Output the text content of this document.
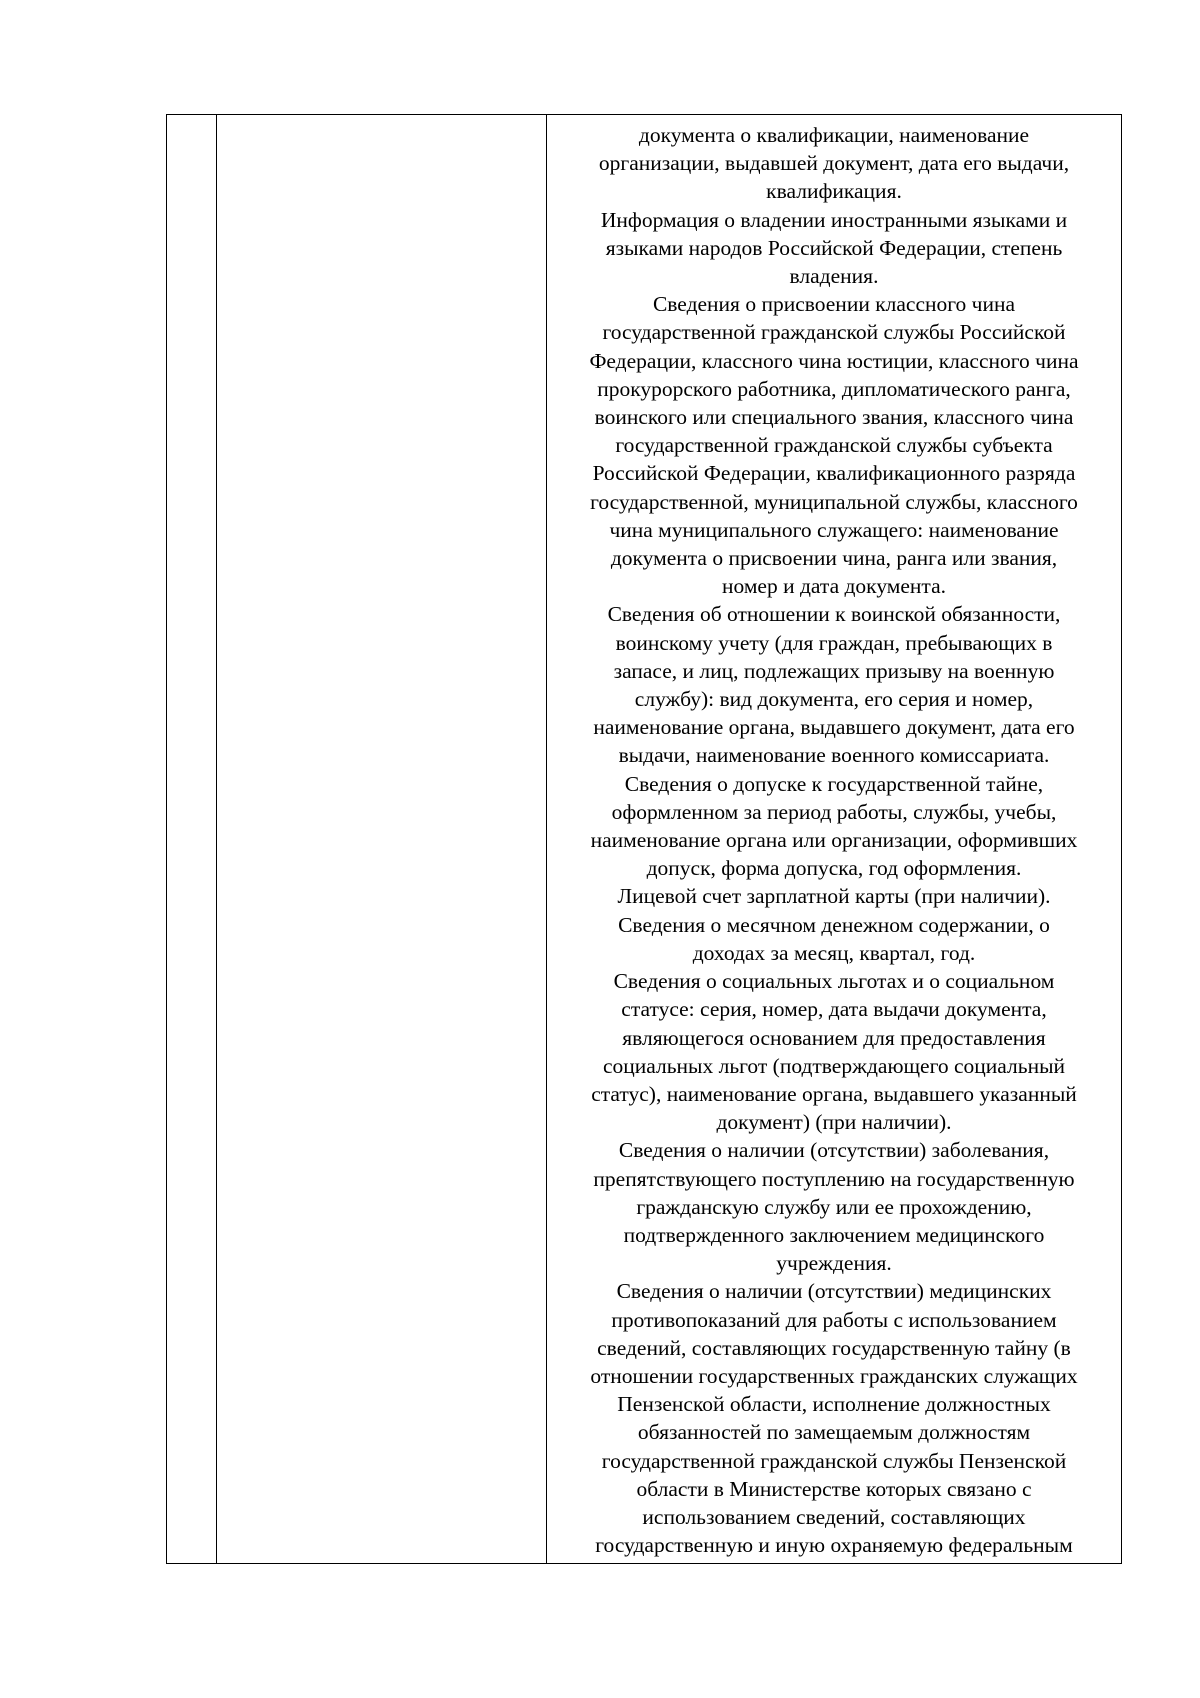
документа о квалификации, наименование
организации, выдавшей документ, дата его выдачи,
квалификация.

Информация о владении иностранными языками и
языками народов Российской Федерации, степень
владения.

Сведения о присвоении классного чина
государственной гражданской службы Российской
Федерации, классного чина юстиции, классного чина
прокурорского работника, дипломатического ранга,
воинского или специального звания, классного чина
государственной гражданской службы субъекта
Российской Федерации, квалификационного разряда
государственной, муниципальной службы, классного
чина муниципального служащего: наименование
документа о присвоении чина, ранга или звания,
номер и дата документа.

Сведения об отношении к воинской обязанности,
воинскому учету (для граждан, пребывающих в
запасе, и лиц, подлежащих призыву на военную
службу): вид документа, его серия и номер,
наименование органа, выдавшего документ, дата его
выдачи, наименование военного комиссариата.

Сведения о допуске к государственной тайне,
оформленном за период работы, службы, учебы,
наименование органа или организации, оформивших
допуск, форма допуска, год оформления.

Лицевой счет зарплатной карты (при наличии).

Сведения о месячном денежном содержании, о
доходах за месяц, квартал, год.

Сведения о социальных льготах и о социальном
статусе: серия, номер, дата выдачи документа,
являющегося основанием для предоставления
социальных льгот (подтверждающего социальный
статус), наименование органа, выдавшего указанный
документ) (при наличии).

Сведения о наличии (отсутствии) заболевания,
препятствующего поступлению на государственную
гражданскую службу или ее прохождению,
подтвержденного заключением медицинского
учреждения.

Сведения о наличии (отсутствии) медицинских
противопоказаний для работы с использованием
сведений, составляющих государственную тайну (в
отношении государственных гражданских служащих
Пензенской области, исполнение должностных
обязанностей по замещаемым должностям
государственной гражданской службы Пензенской
области в Министерстве которых связано с
использованием сведений, составляющих
государственную и иную охраняемую федеральным
